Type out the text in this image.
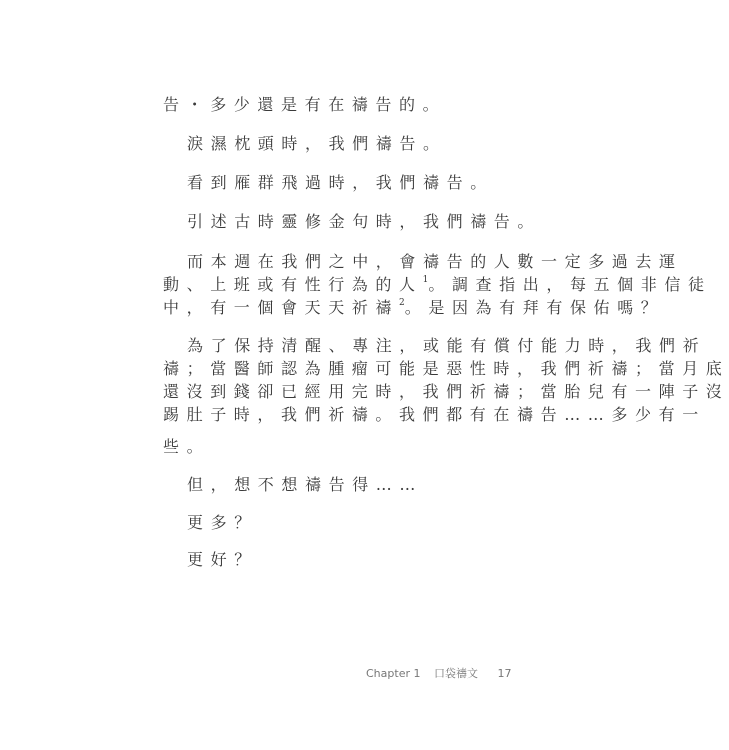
告・多少還是有在禱告的。
淚濕枕頭時，我們禱告。
看到雁群飛過時，我們禱告。
引述古時靈修金句時，我們禱告。
而本週在我們之中，會禱告的人數一定多過去運
動、上班或有性行為的人$^1$。調查指出，每五個非信徒
中，有一個會天天祈禱$^2$。是因為有拜有保佑嗎？
為了保持清醒、專注，或能有償付能力時，我們祈
禱；當醫師認為腫瘤可能是惡性時，我們祈禱；當月底
還沒到錢卻已經用完時，我們祈禱；當胎兒有一陣子沒
踢肚子時，我們祈禱。我們都有在禱告……多少有一
些。
但，想不想禱告得……
更多？
更好？
Chapter 1 口袋禱文 17
